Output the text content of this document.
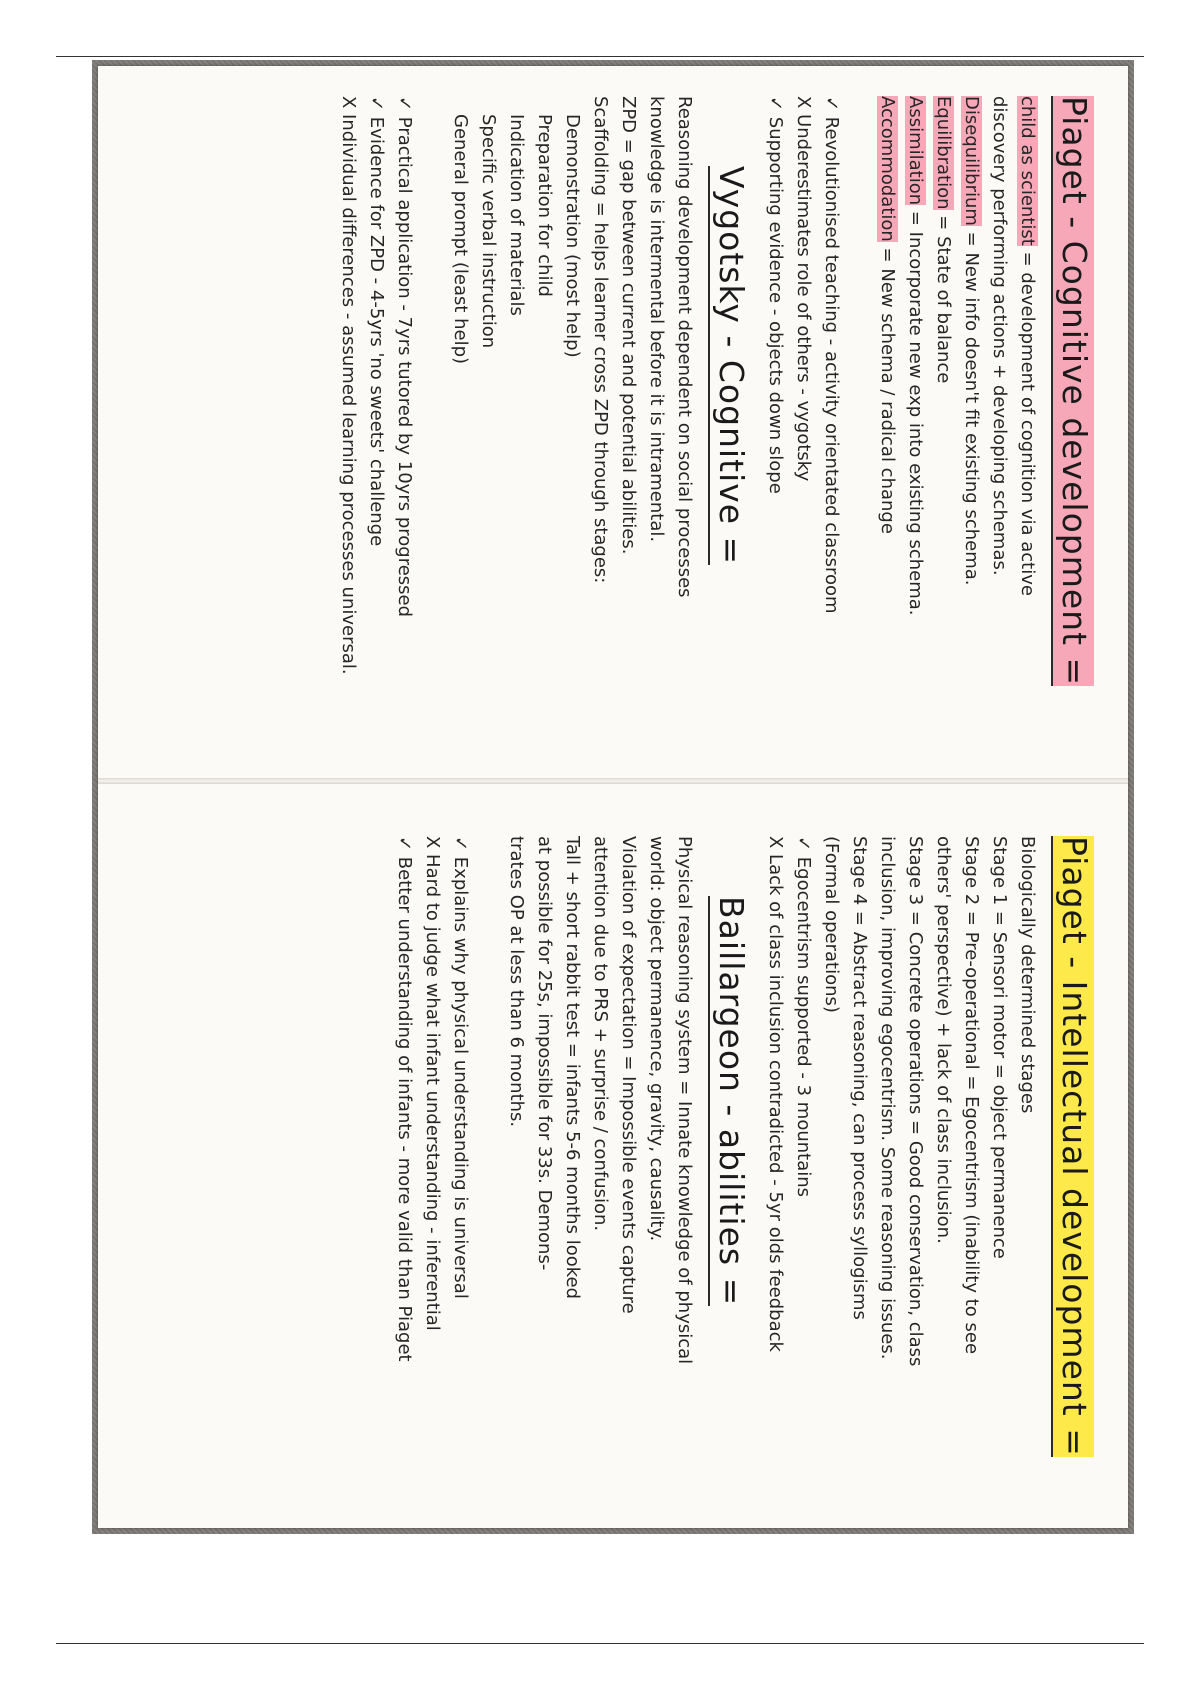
Piaget - Cognitive development =

child as scientist = development of cognition via active

discovery performing actions + developing schemas.

Disequilibrium = New info doesn't fit existing schema.

Equilibration = State of balance

Assimilation = Incorporate new exp into existing schema.

Accommodation = New schema / radical change

✓ Revolutionised teaching - activity orientated classroom

X Underestimates role of others - vygotsky

✓ Supporting evidence - objects down slope

Vygotsky - Cognitive =

Reasoning development dependent on social processes

knowledge is intermental before it is intramental.

ZPD = gap between current and potential abilities.

Scaffolding = helps learner cross ZPD through stages:

Demonstration (most help)

Preparation for child

Indication of materials

Specific verbal instruction

General prompt (least help)

✓ Practical application - 7yrs tutored by 10yrs progressed

✓ Evidence for ZPD - 4-5yrs 'no sweets' challenge

X Individual differences - assumed learning processes universal.

Piaget - Intellectual development =

Biologically determined stages

Stage 1 = Sensori motor = object permanence

Stage 2 = Pre-operational = Egocentrism (inability to see

others' perspective) + lack of class inclusion.

Stage 3 = Concrete operations = Good conservation, class

inclusion, improving egocentrism. Some reasoning issues.

Stage 4 = Abstract reasoning, can process syllogisms

(Formal operations)

✓ Egocentrism supported - 3 mountains

X Lack of class inclusion contradicted - 5yr olds feedback

Baillargeon - abilities =

Physical reasoning system = Innate knowledge of physical

world: object permanence, gravity, causality.

Violation of expectation = Impossible events capture

attention due to PRS + surprise / confusion.

Tall + short rabbit test = infants 5-6 months looked

at possible for 25s, impossible for 33s. Demons-

trates OP at less than 6 months.

✓ Explains why physical understanding is universal

X Hard to judge what infant understanding - inferential

✓ Better understanding of infants - more valid than Piaget
